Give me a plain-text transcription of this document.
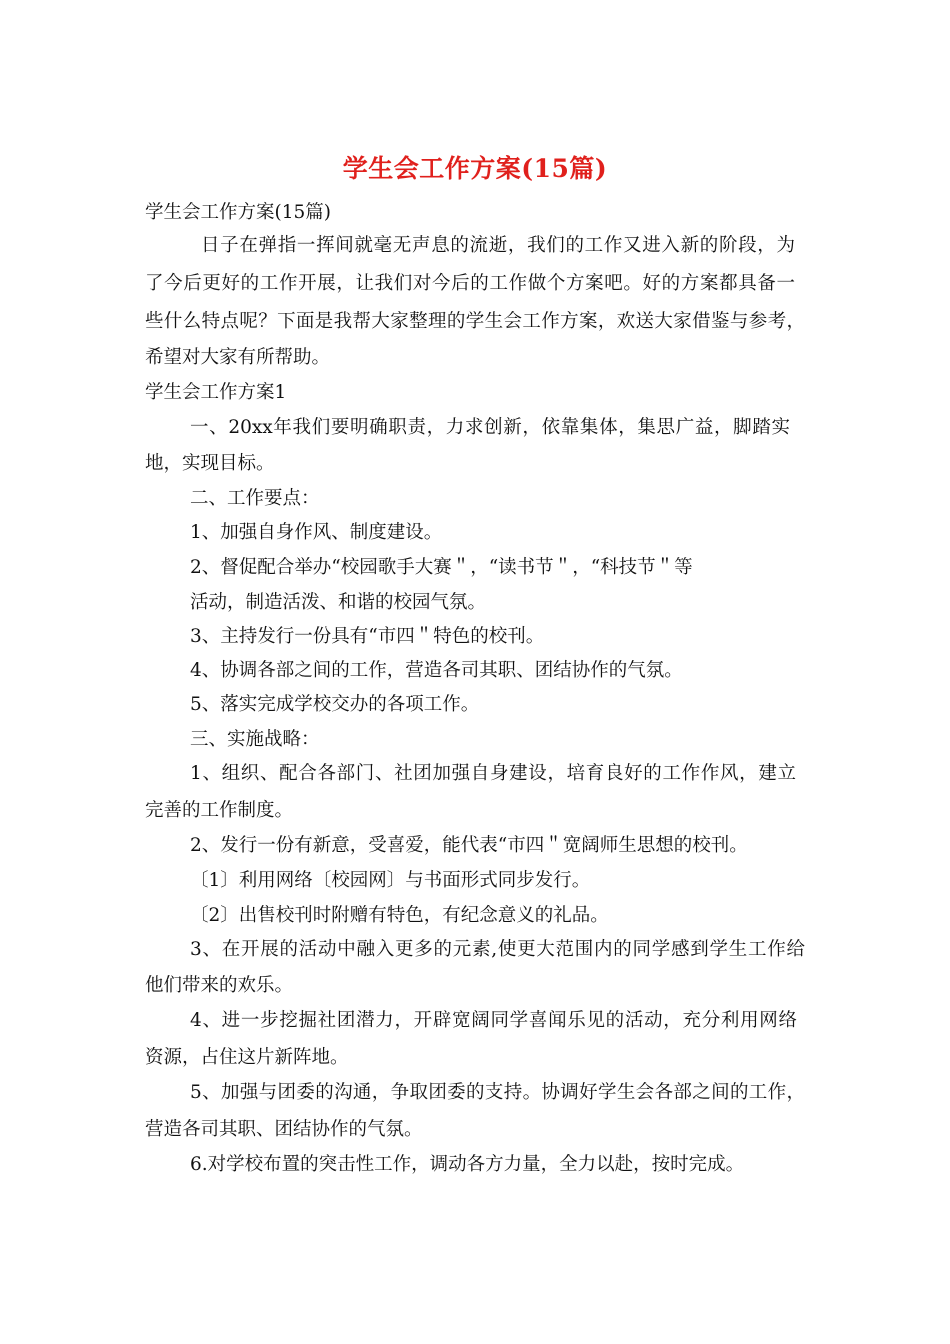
学生会工作方案(15篇)
学生会工作方案(15篇)
日子在弹指一挥间就毫无声息的流逝，我们的工作又进入新的阶段，为
了今后更好的工作开展，让我们对今后的工作做个方案吧。好的方案都具备一
些什么特点呢？下面是我帮大家整理的学生会工作方案，欢送大家借鉴与参考，
希望对大家有所帮助。
学生会工作方案1
一、20xx年我们要明确职责，力求创新，依靠集体，集思广益，脚踏实
地，实现目标。
二、工作要点：
1、加强自身作风、制度建设。
2、督促配合举办“校园歌手大赛＂，“读书节＂，“科技节＂等
活动，制造活泼、和谐的校园气氛。
3、主持发行一份具有“市四＂特色的校刊。
4、协调各部之间的工作，营造各司其职、团结协作的气氛。
5、落实完成学校交办的各项工作。
三、实施战略：
1、组织、配合各部门、社团加强自身建设，培育良好的工作作风，建立
完善的工作制度。
2、发行一份有新意，受喜爱，能代表“市四＂宽阔师生思想的校刊。
〔1〕利用网络〔校园网〕与书面形式同步发行。
〔2〕出售校刊时附赠有特色，有纪念意义的礼品。
3、在开展的活动中融入更多的元素,使更大范围内的同学感到学生工作给
他们带来的欢乐。
4、进一步挖掘社团潜力，开辟宽阔同学喜闻乐见的活动，充分利用网络
资源，占住这片新阵地。
5、加强与团委的沟通，争取团委的支持。协调好学生会各部之间的工作，
营造各司其职、团结协作的气氛。
6.对学校布置的突击性工作，调动各方力量，全力以赴，按时完成。
